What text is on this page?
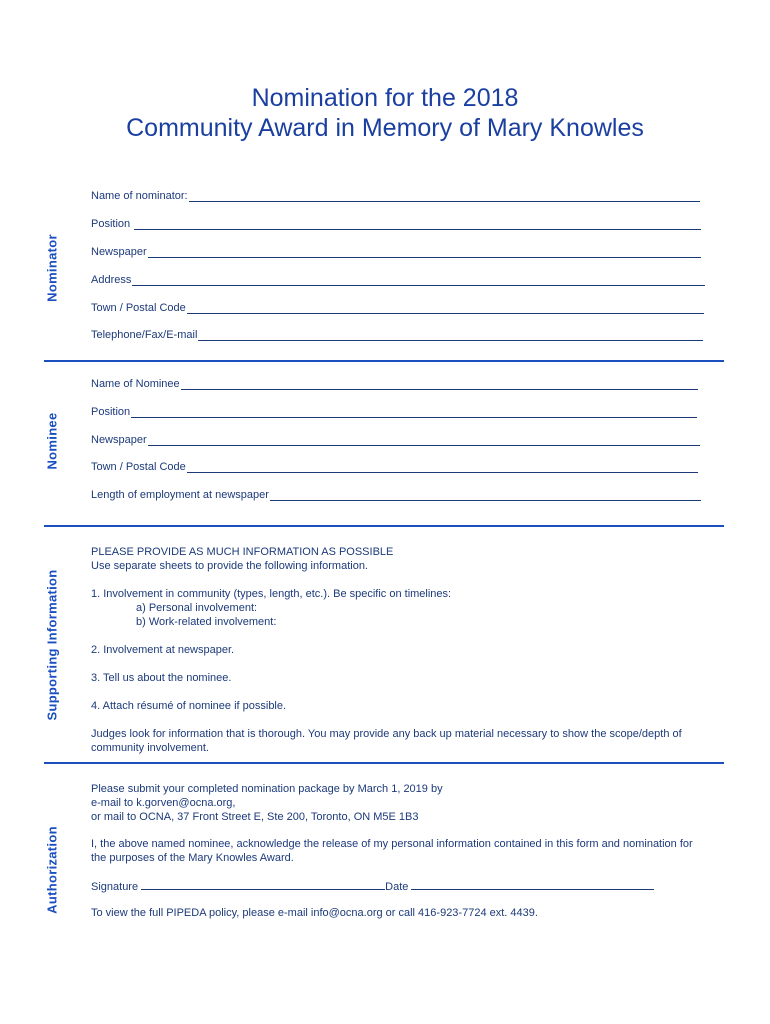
Nomination for the 2018
Community Award in Memory of Mary Knowles
Nominator
Name of nominator:
Position
Newspaper
Address
Town / Postal Code
Telephone/Fax/E-mail
Nominee
Name of Nominee
Position
Newspaper
Town / Postal Code
Length of employment at newspaper
Supporting Information
PLEASE PROVIDE AS MUCH INFORMATION AS POSSIBLE
Use separate sheets to provide the following information.
1. Involvement in community (types, length, etc.). Be specific on timelines:
a) Personal involvement:
b) Work-related involvement:
2. Involvement at newspaper.
3. Tell us about the nominee.
4. Attach résumé of nominee if possible.
Judges look for information that is thorough. You may provide any back up material necessary to show the scope/depth of
community involvement.
Authorization
Please submit your completed nomination package by March 1, 2019 by
e-mail to k.gorven@ocna.org,
or mail to OCNA, 37 Front Street E, Ste 200, Toronto, ON M5E 1B3
I, the above named nominee, acknowledge the release of my personal information contained in this form and nomination for
the purposes of the Mary Knowles Award.
Signature	Date
To view the full PIPEDA policy, please e-mail info@ocna.org or call 416-923-7724 ext. 4439.
